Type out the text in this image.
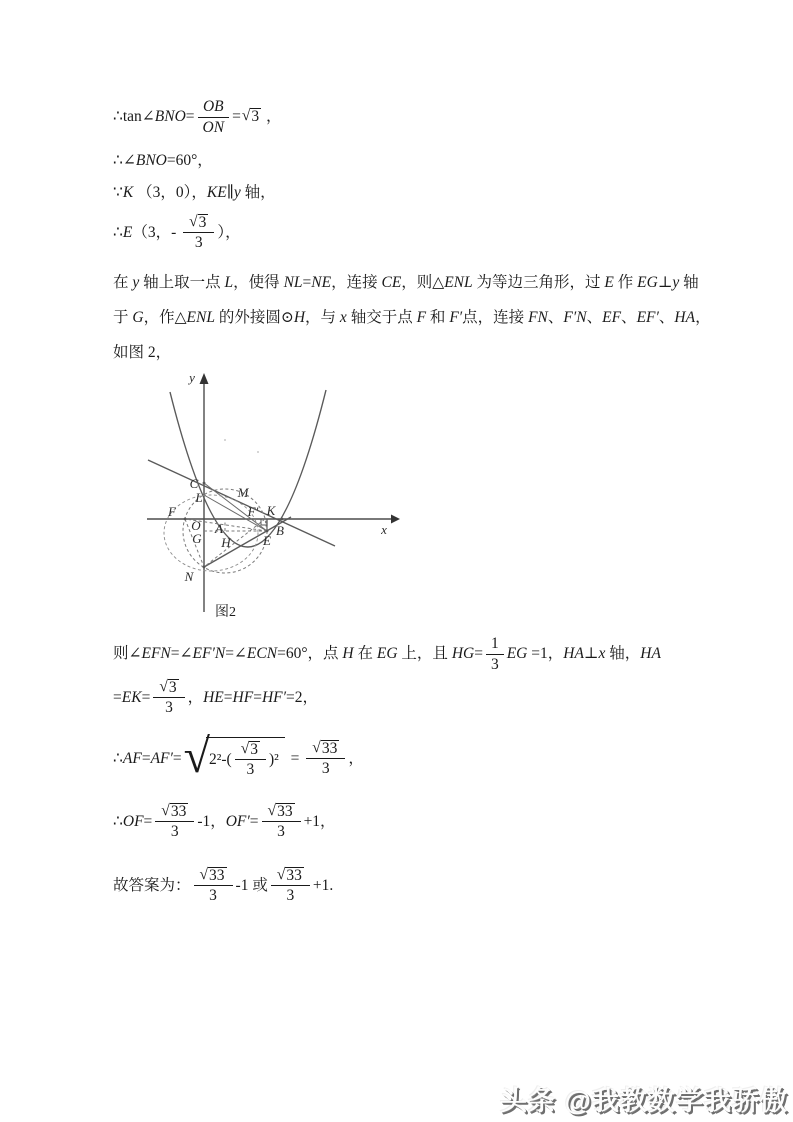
∴tan∠ BNO = $\frac{OB}{ON}$ = √ 3 ，
∴∠ BNO =60°，
∵ K （3，0）， KE ∥ y 轴，
∴ E （3，- $\frac{√ 3}{3}$ ），
在 y 轴上取一点 L ，使得 NL = NE ，连接 CE ，则△ ENL 为等边三角形，过 E 作 EG ⊥ y 轴
于 G ，作△ ENL 的外接圆⊙ H ，与 x 轴交于点 F 和 F′ 点，连接 FN 、 F′N 、 EF 、 EF′ 、 HA ，
如图 2，
y
x
C
M
L
F	F′ K
O A	B
G H E
N
图2
则∠ EFN =∠ EF′N =∠ ECN =60°，点 H 在 EG 上，且 HG = $\frac{1}{3}$ EG =1， HA ⊥ x 轴， HA
= EK = $\frac{√ 3}{3}$ ， HE = HF = HF′ =2，
∴ AF = AF′ = √ $2^2-( \frac{√ 3}{3} )^2 = \frac{√ 33}{3}$ ，
∴ OF = $\frac{√ 33}{3} -1$， $OF' = \frac{√ 33}{3} +1$，
故答案为： $\frac{√ 33}{3} -1$ 或 $\frac{√ 33}{3} +1$.
头条 @我教数学我骄傲
